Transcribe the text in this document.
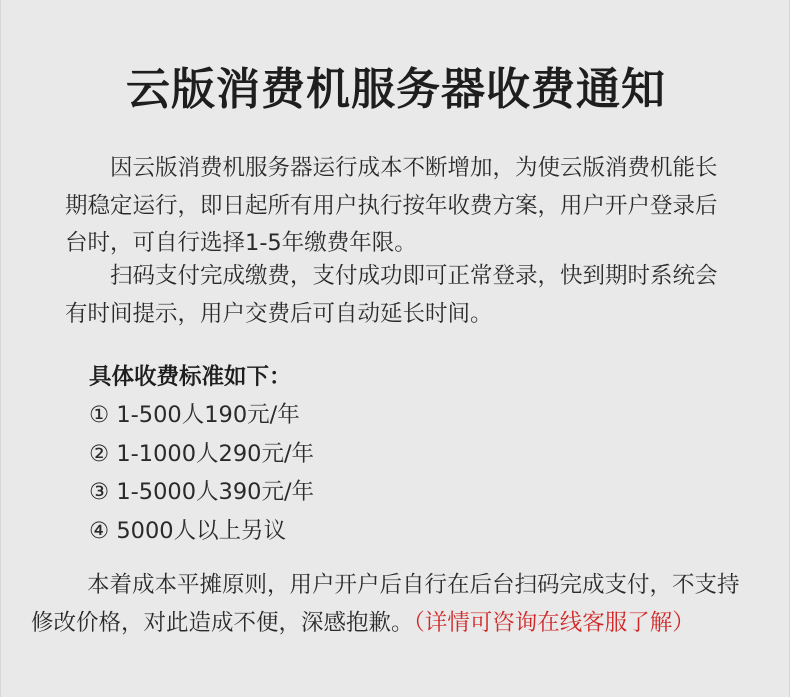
云版消费机服务器收费通知
因云版消费机服务器运行成本不断增加，为使云版消费机能长期稳定运行，即日起所有用户执行按年收费方案，用户开户登录后台时，可自行选择1-5年缴费年限。
扫码支付完成缴费，支付成功即可正常登录，快到期时系统会有时间提示，用户交费后可自动延长时间。
具体收费标准如下：
① 1-500人190元/年
② 1-1000人290元/年
③ 1-5000人390元/年
④ 5000人以上另议
本着成本平摊原则，用户开户后自行在后台扫码完成支付，不支持修改价格，对此造成不便，深感抱歉。（详情可咨询在线客服了解）
